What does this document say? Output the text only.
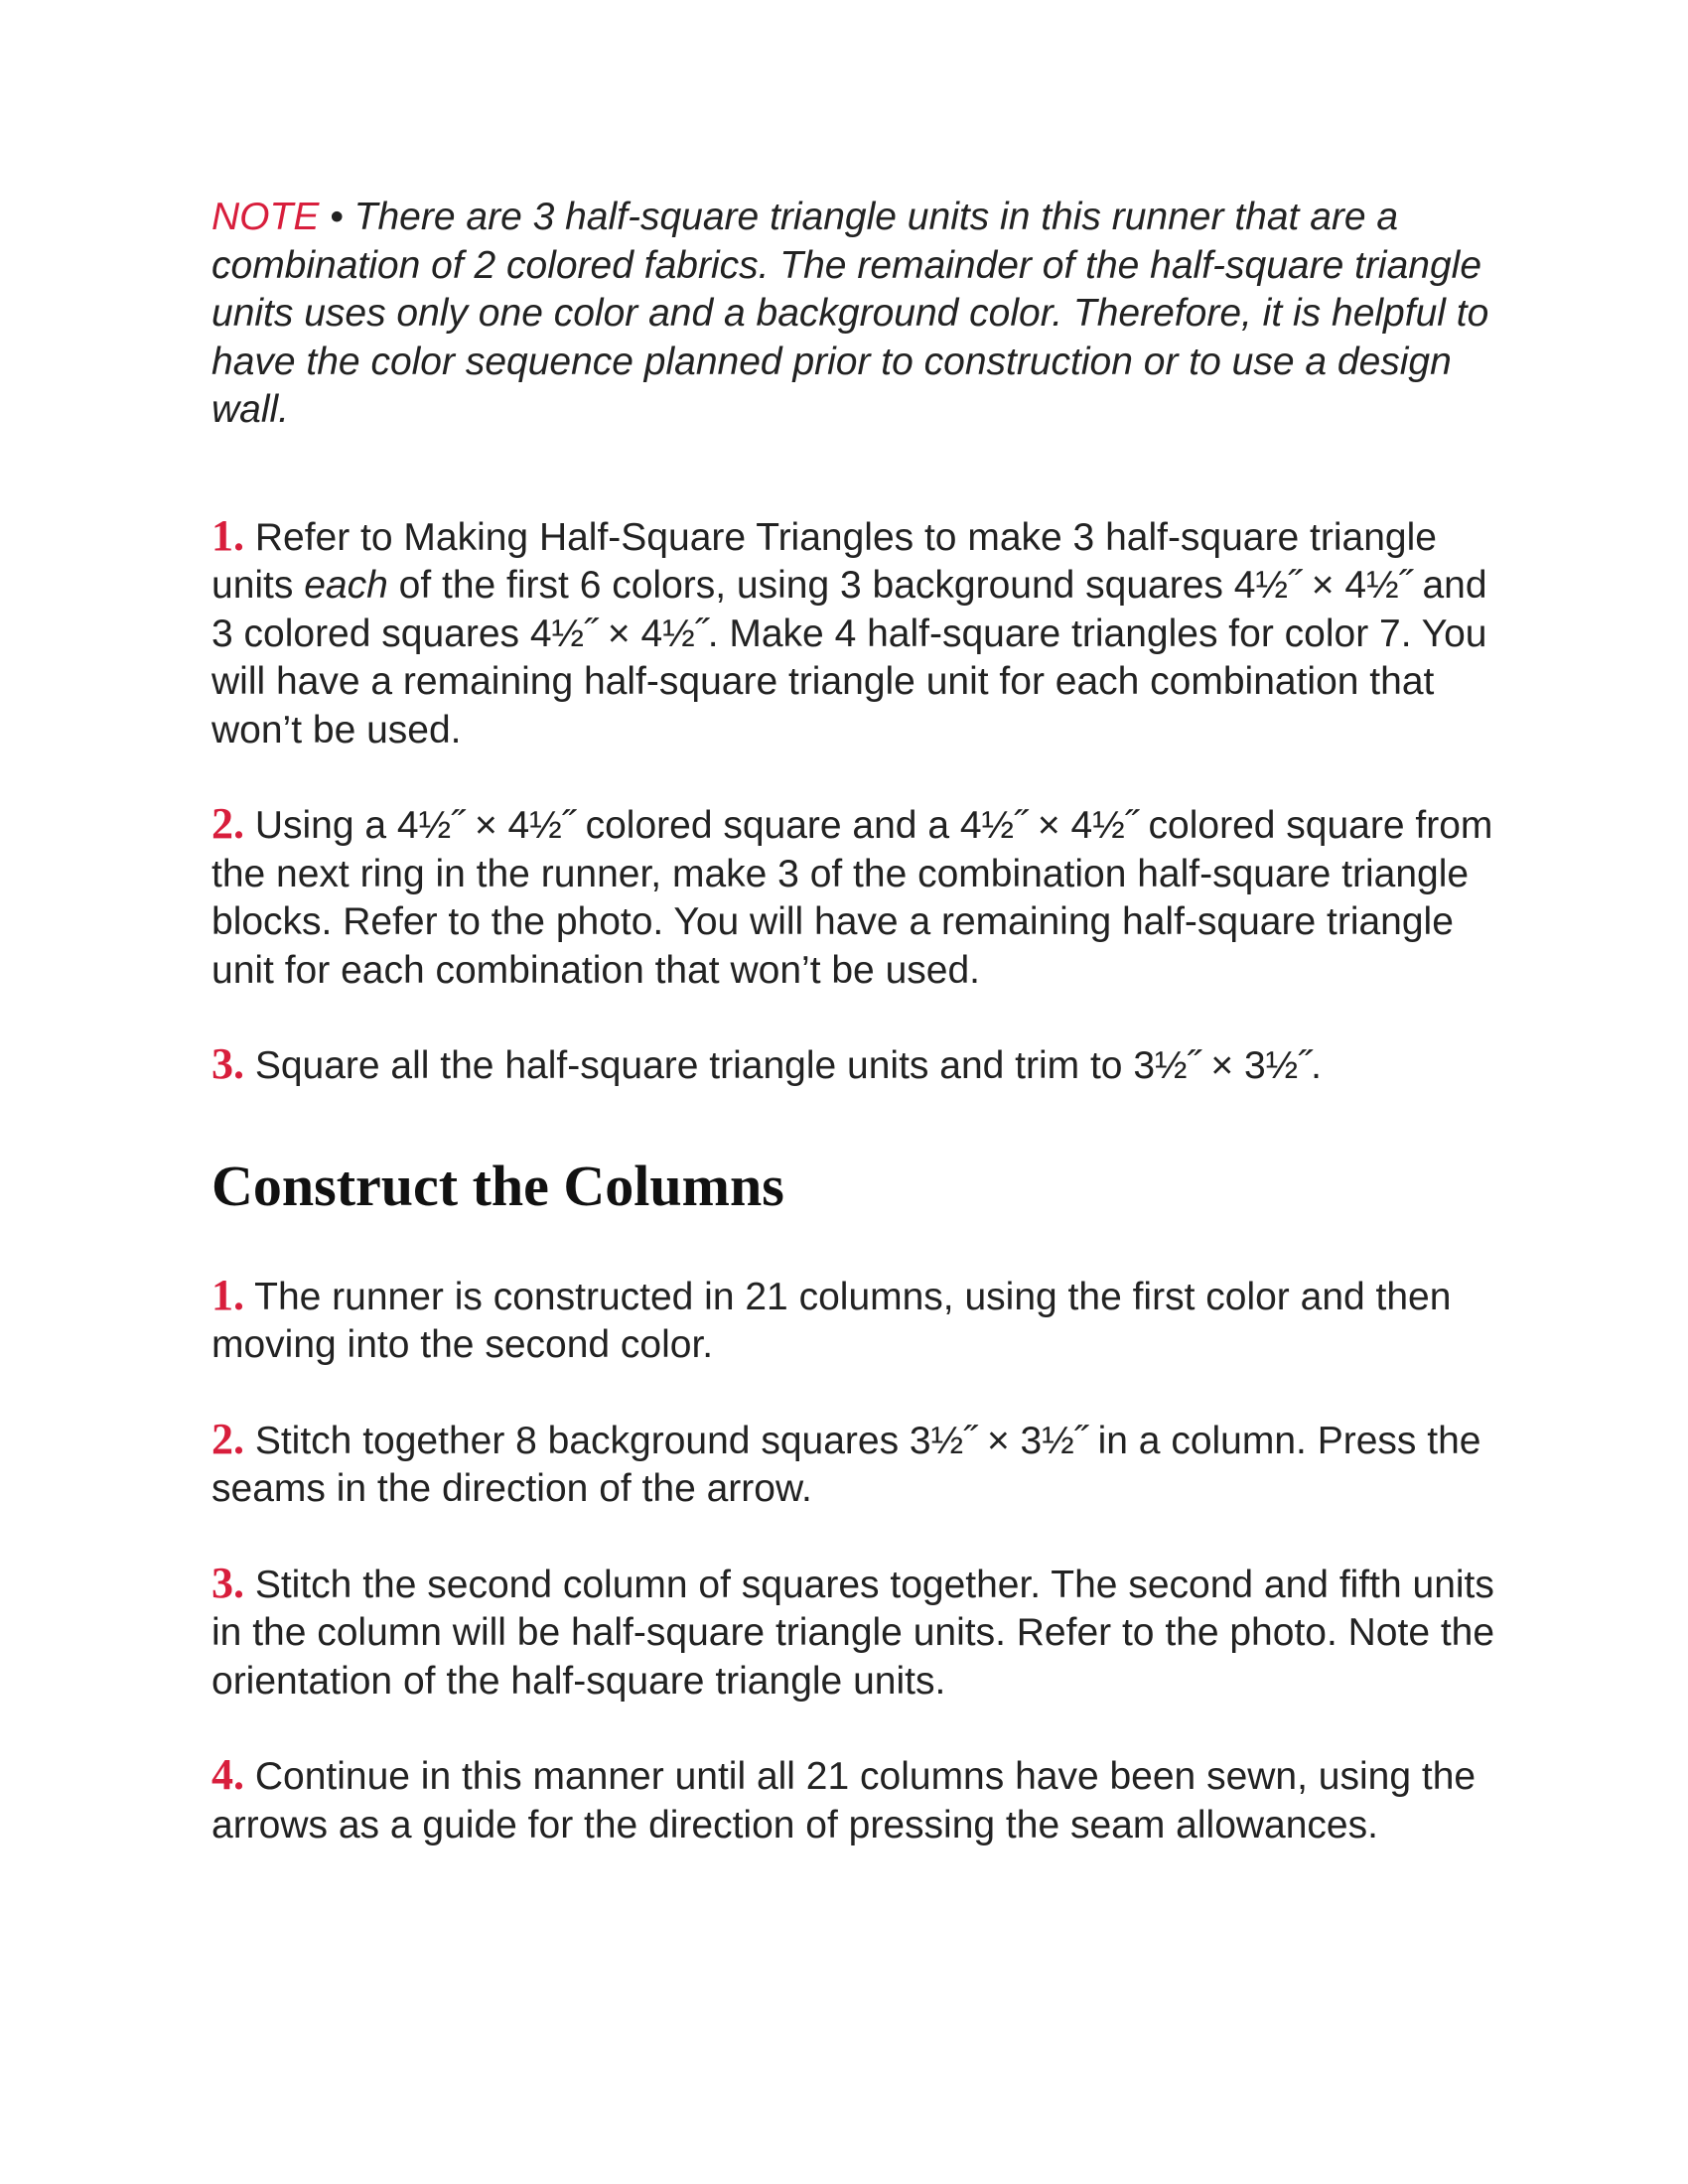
NOTE • There are 3 half-square triangle units in this runner that are a combination of 2 colored fabrics. The remainder of the half-square triangle units uses only one color and a background color. Therefore, it is helpful to have the color sequence planned prior to construction or to use a design wall.

1. Refer to Making Half-Square Triangles to make 3 half-square triangle units each of the first 6 colors, using 3 background squares 4½˝ × 4½˝ and 3 colored squares 4½˝ × 4½˝. Make 4 half-square triangles for color 7. You will have a remaining half-square triangle unit for each combination that won’t be used.

2. Using a 4½˝ × 4½˝ colored square and a 4½˝ × 4½˝ colored square from the next ring in the runner, make 3 of the combination half-square triangle blocks. Refer to the photo. You will have a remaining half-square triangle unit for each combination that won’t be used.

3. Square all the half-square triangle units and trim to 3½˝ × 3½˝.

Construct the Columns

1. The runner is constructed in 21 columns, using the first color and then moving into the second color.

2. Stitch together 8 background squares 3½˝ × 3½˝ in a column. Press the seams in the direction of the arrow.

3. Stitch the second column of squares together. The second and fifth units in the column will be half-square triangle units. Refer to the photo. Note the orientation of the half-square triangle units.

4. Continue in this manner until all 21 columns have been sewn, using the arrows as a guide for the direction of pressing the seam allowances.
